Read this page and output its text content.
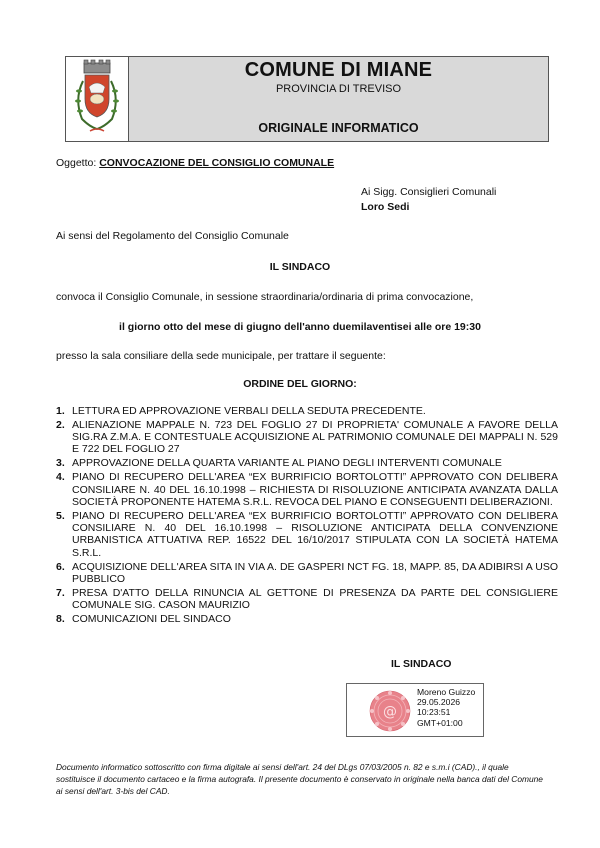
COMUNE DI MIANE
PROVINCIA DI TREVISO
ORIGINALE INFORMATICO
Oggetto: CONVOCAZIONE DEL CONSIGLIO COMUNALE
Ai Sigg. Consiglieri Comunali
Loro Sedi
Ai sensi del Regolamento del Consiglio Comunale
IL SINDACO
convoca il Consiglio Comunale, in sessione straordinaria/ordinaria di prima convocazione,
il giorno otto del mese di giugno dell'anno duemilaventisei alle ore 19:30
presso la sala consiliare della sede municipale, per trattare il seguente:
ORDINE DEL GIORNO:
1. LETTURA ED APPROVAZIONE VERBALI DELLA SEDUTA PRECEDENTE.
2. ALIENAZIONE MAPPALE N. 723 DEL FOGLIO 27 DI PROPRIETA' COMUNALE A FAVORE DELLA SIG.RA Z.M.A. E CONTESTUALE ACQUISIZIONE AL PATRIMONIO COMUNALE DEI MAPPALI N. 529 E 722 DEL FOGLIO 27
3. APPROVAZIONE DELLA QUARTA VARIANTE AL PIANO DEGLI INTERVENTI COMUNALE
4. PIANO DI RECUPERO DELL'AREA “EX BURRIFICIO BORTOLOTTI” APPROVATO CON DELIBERA CONSILIARE N. 40 DEL 16.10.1998 – RICHIESTA DI RISOLUZIONE ANTICIPATA AVANZATA DALLA SOCIETÀ PROPONENTE HATEMA S.R.L. REVOCA DEL PIANO E CONSEGUENTI DELIBERAZIONI.
5. PIANO DI RECUPERO DELL'AREA “EX BURRIFICIO BORTOLOTTI” APPROVATO CON DELIBERA CONSILIARE N. 40 DEL 16.10.1998 – RISOLUZIONE ANTICIPATA DELLA CONVENZIONE URBANISTICA ATTUATIVA REP. 16522 DEL 16/10/2017 STIPULATA CON LA SOCIETÀ HATEMA S.R.L.
6. ACQUISIZIONE DELL'AREA SITA IN VIA A. DE GASPERI NCT FG. 18, MAPP. 85, DA ADIBIRSI A USO PUBBLICO
7. PRESA D'ATTO DELLA RINUNCIA AL GETTONE DI PRESENZA DA PARTE DEL CONSIGLIERE COMUNALE SIG. CASON MAURIZIO
8. COMUNICAZIONI DEL SINDACO
IL SINDACO
@
Moreno Guizzo
29.05.2026
10:23:51
GMT+01:00
Documento informatico sottoscritto con firma digitale ai sensi dell'art. 24 del DLgs 07/03/2005 n. 82 e s.m.i (CAD)., il quale sostituisce il documento cartaceo e la firma autografa. Il presente documento è conservato in originale nella banca dati del Comune ai sensi dell'art. 3-bis del CAD.
